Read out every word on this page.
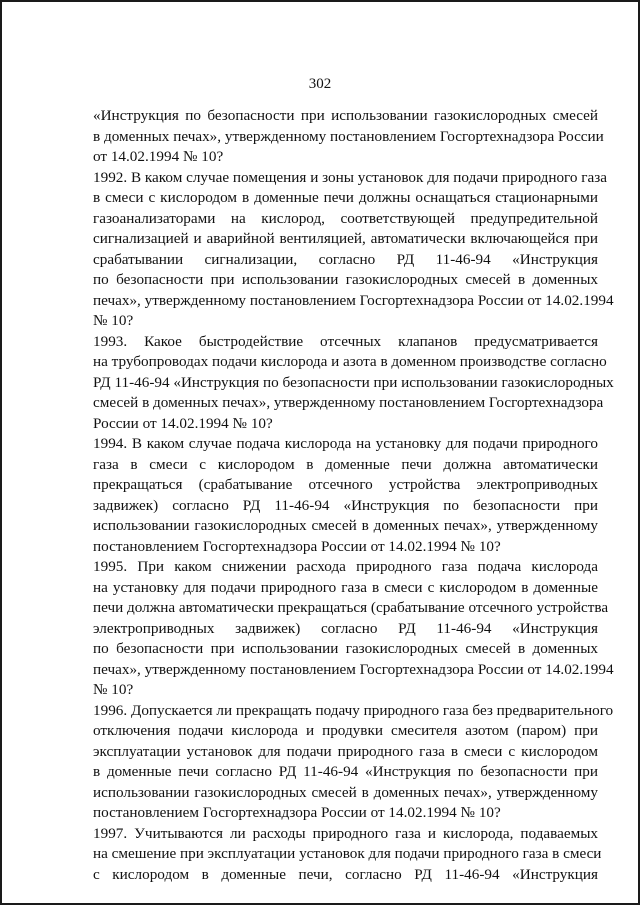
302
«Инструкция по безопасности при использовании газокислородных смесей
в доменных печах», утвержденному постановлением Госгортехнадзора России
от 14.02.1994 № 10?
1992. В каком случае помещения и зоны установок для подачи природного газа
в смеси с кислородом в доменные печи должны оснащаться стационарными
газоанализаторами на кислород, соответствующей предупредительной
сигнализацией и аварийной вентиляцией, автоматически включающейся при
срабатывании сигнализации, согласно РД 11-46-94 «Инструкция
по безопасности при использовании газокислородных смесей в доменных
печах», утвержденному постановлением Госгортехнадзора России от 14.02.1994
№ 10?
1993. Какое быстродействие отсечных клапанов предусматривается
на трубопроводах подачи кислорода и азота в доменном производстве согласно
РД 11-46-94 «Инструкция по безопасности при использовании газокислородных
смесей в доменных печах», утвержденному постановлением Госгортехнадзора
России от 14.02.1994 № 10?
1994. В каком случае подача кислорода на установку для подачи природного
газа в смеси с кислородом в доменные печи должна автоматически
прекращаться (срабатывание отсечного устройства электроприводных
задвижек) согласно РД 11-46-94 «Инструкция по безопасности при
использовании газокислородных смесей в доменных печах», утвержденному
постановлением Госгортехнадзора России от 14.02.1994 № 10?
1995. При каком снижении расхода природного газа подача кислорода
на установку для подачи природного газа в смеси с кислородом в доменные
печи должна автоматически прекращаться (срабатывание отсечного устройства
электроприводных задвижек) согласно РД 11-46-94 «Инструкция
по безопасности при использовании газокислородных смесей в доменных
печах», утвержденному постановлением Госгортехнадзора России от 14.02.1994
№ 10?
1996. Допускается ли прекращать подачу природного газа без предварительного
отключения подачи кислорода и продувки смесителя азотом (паром) при
эксплуатации установок для подачи природного газа в смеси с кислородом
в доменные печи согласно РД 11-46-94 «Инструкция по безопасности при
использовании газокислородных смесей в доменных печах», утвержденному
постановлением Госгортехнадзора России от 14.02.1994 № 10?
1997. Учитываются ли расходы природного газа и кислорода, подаваемых
на смешение при эксплуатации установок для подачи природного газа в смеси
с кислородом в доменные печи, согласно РД 11-46-94 «Инструкция
